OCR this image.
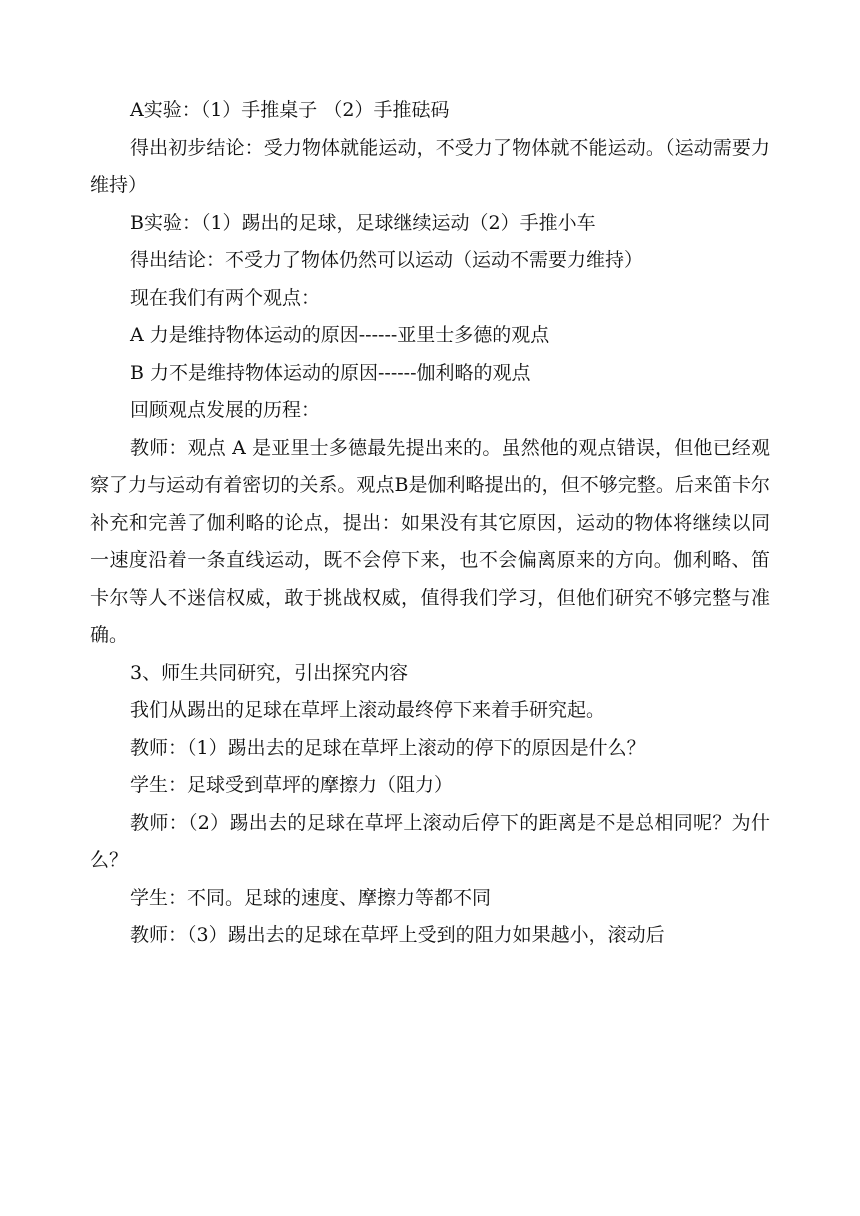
A实验：（1）手推桌子 （2）手推砝码

得出初步结论：受力物体就能运动，不受力了物体就不能运动。（运动需要力维持）

B实验：（1）踢出的足球，足球继续运动（2）手推小车

得出结论：不受力了物体仍然可以运动（运动不需要力维持）

现在我们有两个观点：

A 力是维持物体运动的原因------亚里士多德的观点

B 力不是维持物体运动的原因------伽利略的观点

回顾观点发展的历程：

教师：观点 A 是亚里士多德最先提出来的。虽然他的观点错误，但他已经观察了力与运动有着密切的关系。观点B是伽利略提出的，但不够完整。后来笛卡尔补充和完善了伽利略的论点，提出：如果没有其它原因，运动的物体将继续以同一速度沿着一条直线运动，既不会停下来，也不会偏离原来的方向。伽利略、笛卡尔等人不迷信权威，敢于挑战权威，值得我们学习，但他们研究不够完整与准确。

3、师生共同研究，引出探究内容

我们从踢出的足球在草坪上滚动最终停下来着手研究起。

教师：（1）踢出去的足球在草坪上滚动的停下的原因是什么？

学生：足球受到草坪的摩擦力（阻力）

教师：（2）踢出去的足球在草坪上滚动后停下的距离是不是总相同呢？为什么？

学生：不同。足球的速度、摩擦力等都不同

教师：（3）踢出去的足球在草坪上受到的阻力如果越小，滚动后
